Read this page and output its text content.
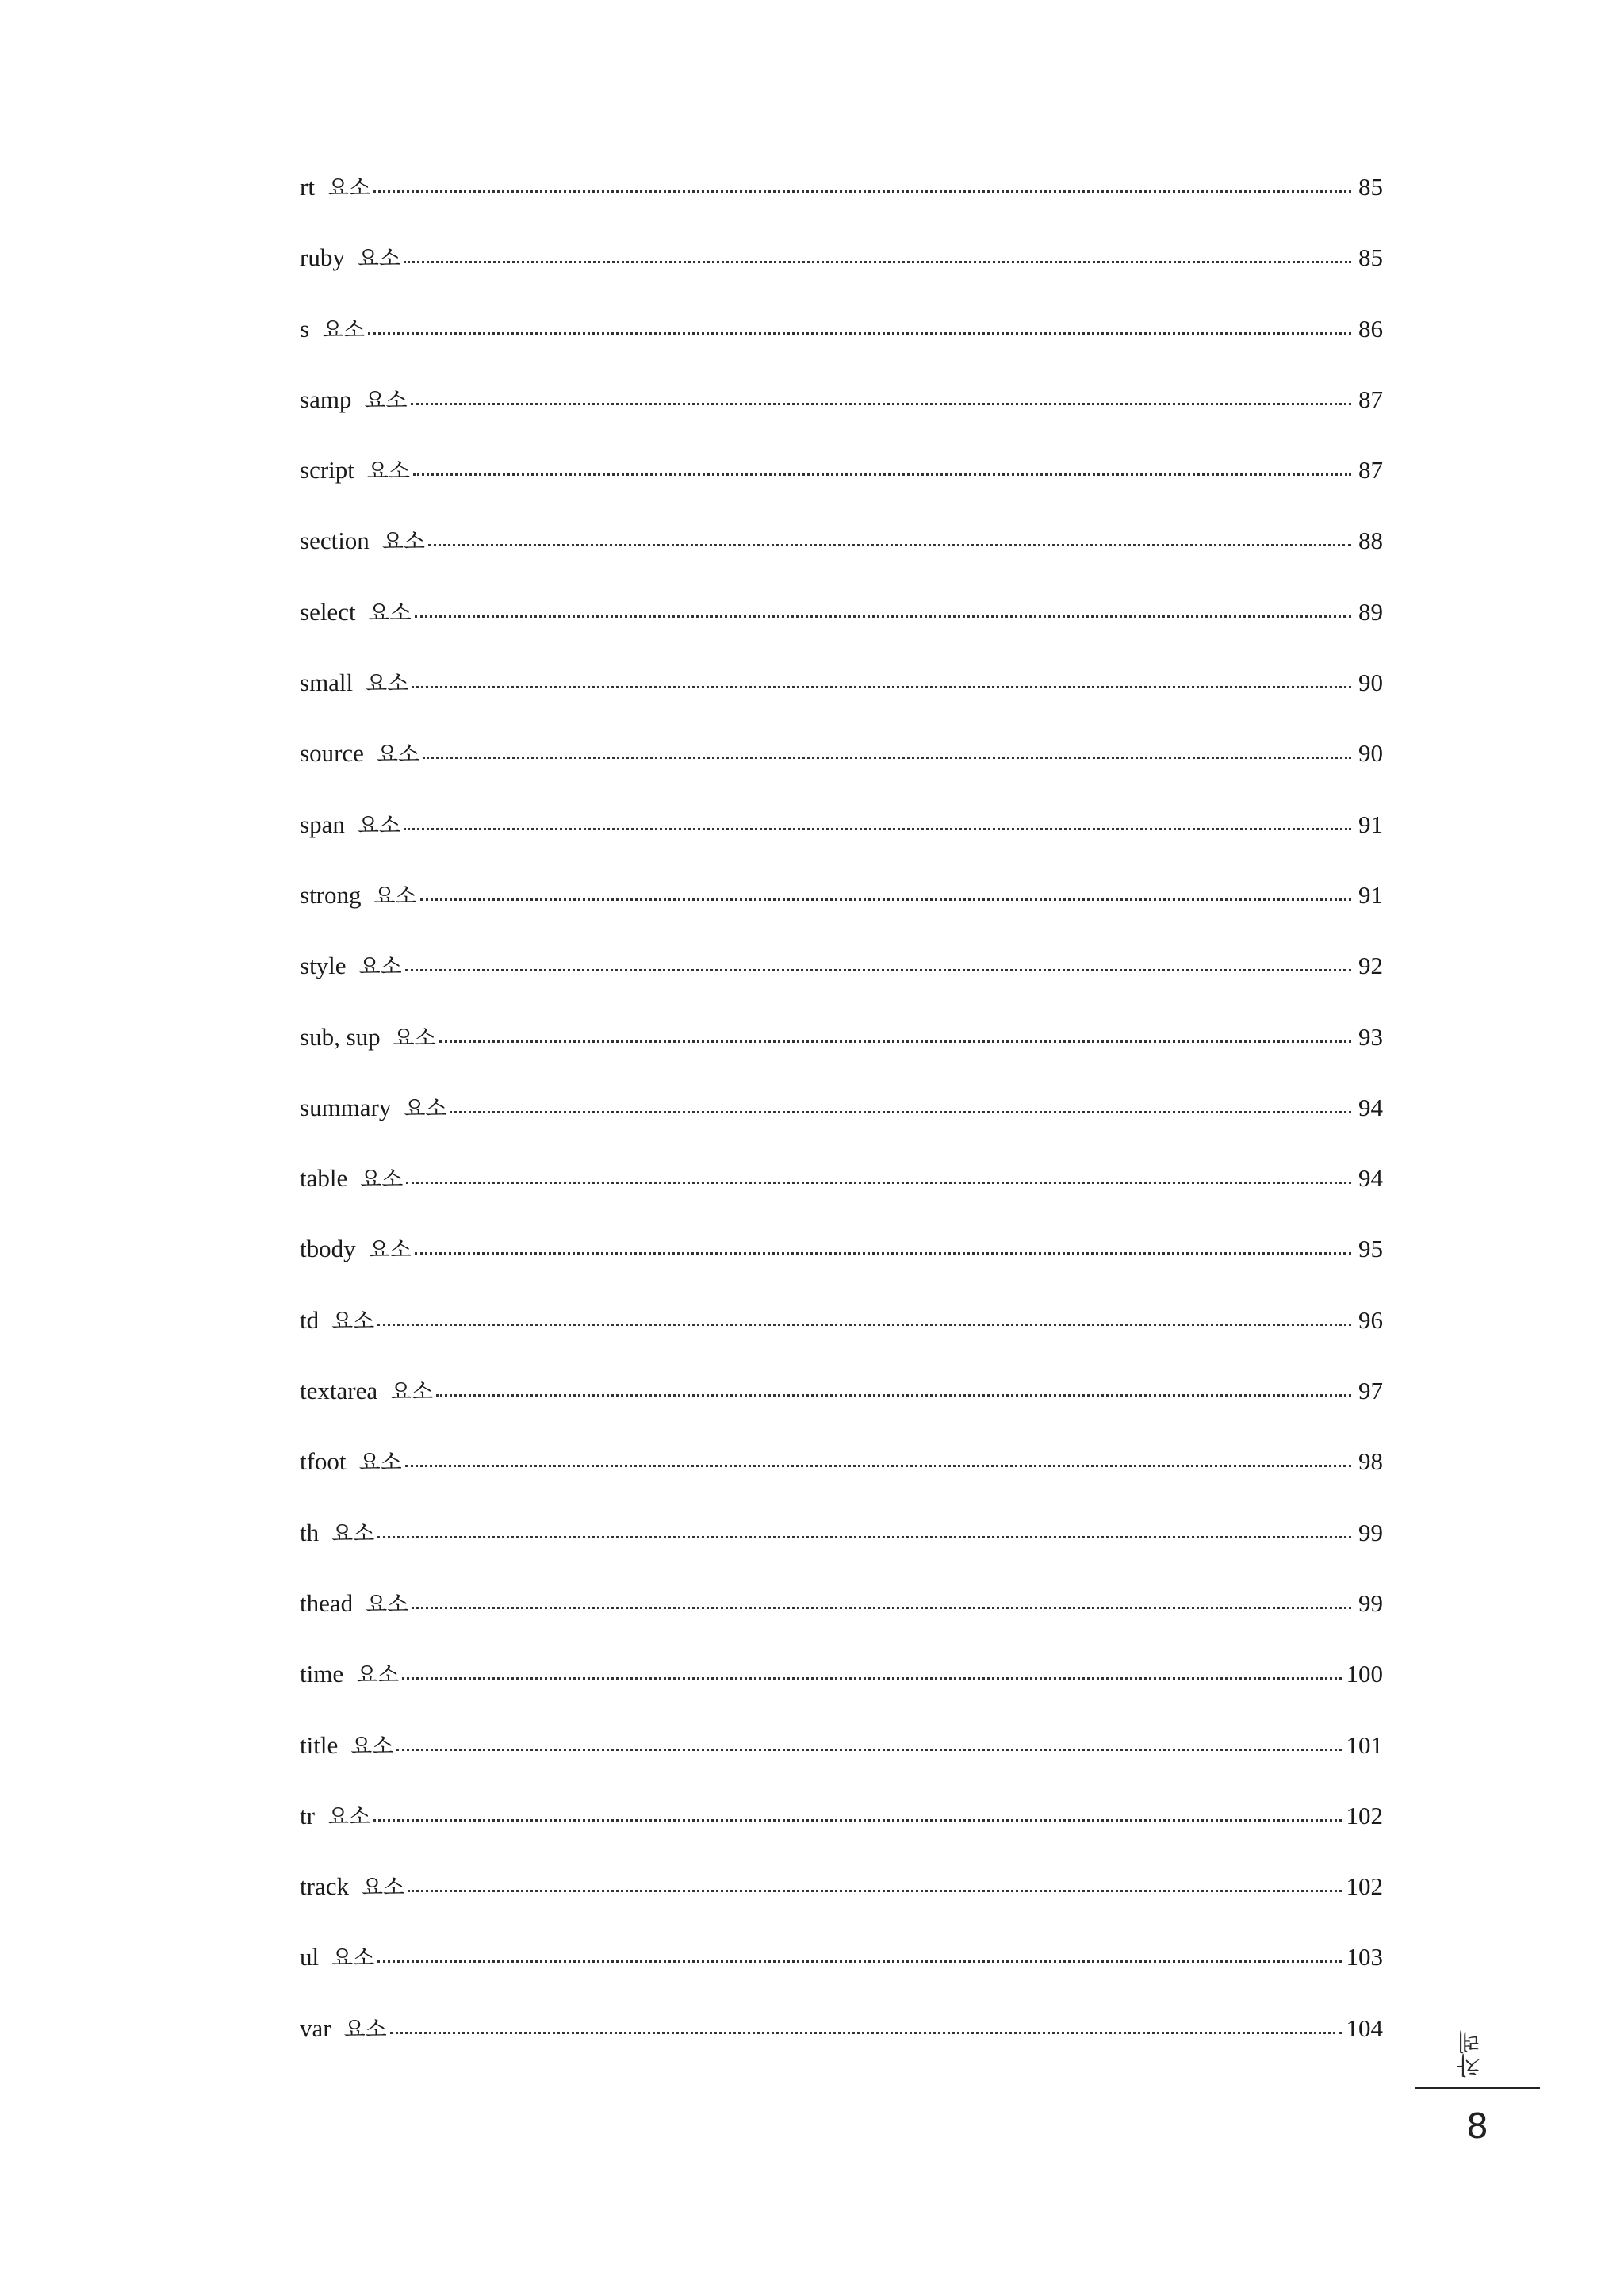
rt 요소	85
ruby 요소	85
s 요소	86
samp 요소	87
script 요소	87
section 요소	88
select 요소	89
small 요소	90
source 요소	90
span 요소	91
strong 요소	91
style 요소	92
sub, sup 요소	93
summary 요소	94
table 요소	94
tbody 요소	95
td 요소	96
textarea 요소	97
tfoot 요소	98
th 요소	99
thead 요소	99
time 요소	100
title 요소	101
tr 요소	102
track 요소	102
ul 요소	103
var 요소	104
차례
8
